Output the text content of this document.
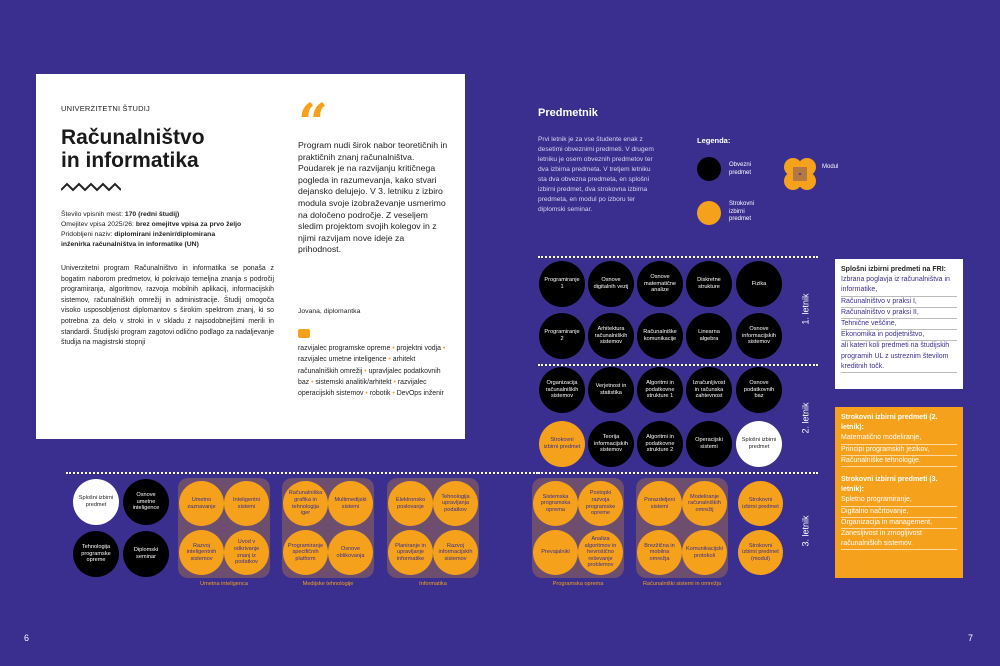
UNIVERZITETNI ŠTUDIJ
Računalništvo
in informatika
Število vpisnih mest: 170 (redni študij)
Omejitev vpisa 2025/26: brez omejitve vpisa za prvo želj​o
Pridobljeni naziv: diplomirani inženir/diplomirana
inženirka računalništva in informatike (UN)
Univerzitetni program Računalništvo in informatika se ponaša z bogatim naborom predmetov, ki pokrivajo temeljna znanja s področij programiranja, algoritmov, razvoja mobilnih aplikacij, informacijskih sistemov, računalniških omrežij in administracije. Študij omogoča visoko usposobljenost diplomantov s širokim spektrom znanj, ki so potrebna za delo v stroki in v skladu z najsodobnejšimi merili in standardi. Študijski program zagotovi odlično podlago za nadaljevanje študija na magistrski stopnji
“
Program nudi širok nabor teoretičnih in praktičnih znanj računalništva. Poudarek je na razvijanju kritičnega pogleda in razumevanja, kako stvari dejansko delujejo. V 3. letniku z izbiro modula svoje izobraževanje usmerimo na določeno področje. Z veseljem sledim projektom svojih kolegov in z njimi razvijam nove ideje za prihodnost.
Jovana, diplomantka
razvijalec programske opreme • projektni vodja • razvijalec umetne inteligence • arhitekt računalniških omrežij • upravljalec podatkovnih baz • sistemski analitik/arhitekt • razvijalec operacijskih sistemov • robotik • DevOps inženir
6
Predmetnik
Prvi letnik je za vse študente enak z desetimi obveznimi predmeti. V drugem letniku je osem obveznih predmetov ter dva izbirna predmeta. V tretjem letniku sta dva obvezna predmeta, en splošni izbirni predmet, dva strokovna izbirna predmeta, en modul po izboru ter diplomski seminar.
Legenda:
Obvezni predmet
Strokovni izbirni predmet
Modul
1. letnik
2. letnik
3. letnik
Programiranje 1
Osnove digitalnih vezij
Osnove matematične analize
Diskretne strukture
Fizika
Programiranje 2
Arhitektura računalniških sistemov
Računalniške komunikacije
Linearna algebra
Osnove informacijskih sistemov
Organizacija računalniških sistemov
Verjetnost in statistika
Algoritmi in podatkovne strukture 1
Izračunljivost in računska zahtevnost
Osnove podatkovnih baz
Strokovni izbirni predmet
Teorija informacijskih sistemov
Algoritmi in podatkovne strukture 2
Operacijski sistemi
Splošni izbirni predmet
Splošni izbirni predmet
Osnove umetne inteligence
Tehnologija programske opreme
Diplomski seminar
Umetno zaznavanje
Inteligentni sistemi
Razvoj inteligentnih sistemov
Uvod v odkrivanje znanj iz podatkov
Umetna inteligenca
Računalniška grafika in tehnologija iger
Multimedijski sistemi
Programiranje specifičnih platform
Osnove oblikovanja
Medijske tehnologije
Elektronsko poslovanje
Tehnologija upravljanja podatkov
Planiranje in upravljanje informatike
Razvoj informacijskih sistemov
Informatika
Sistemska programska oprema
Postopki razvoja programske opreme
Prevajalniki
Analiza algoritmov in hevristično reševanje problemov
Programska oprema
Porazdeljeni sistemi
Modeliranje računalniških omrežij
Brezžična in mobilna omrežja
Komunikacijski protokoli
Računalniški sistemi in omrežja
Strokovni izbirni predmet
Strokovni izbirni predmet (modul)
Splošni izbirni predmeti na FRI:
Izbrana poglavja iz računalništva in informatike,
Računalništvo v praksi I,
Računalništvo v praksi II,
Tehnične veščine,
Ekonomika in podjetništvo,
ali kateri koli predmeti na študijskih programih UL z ustreznim številom kreditnih točk.
Strokovni izbirni predmeti (2. letnik):
Matematično modeliranje,
Principi programskih jezikov,
Računalniške tehnologije.
Strokovni izbirni predmeti (3. letnik):
Spletno programiranje,
Digitalno načrtovanje,
Organizacija in management,
Zanesljivost in zmogljivost računalniških sistemov.
7
